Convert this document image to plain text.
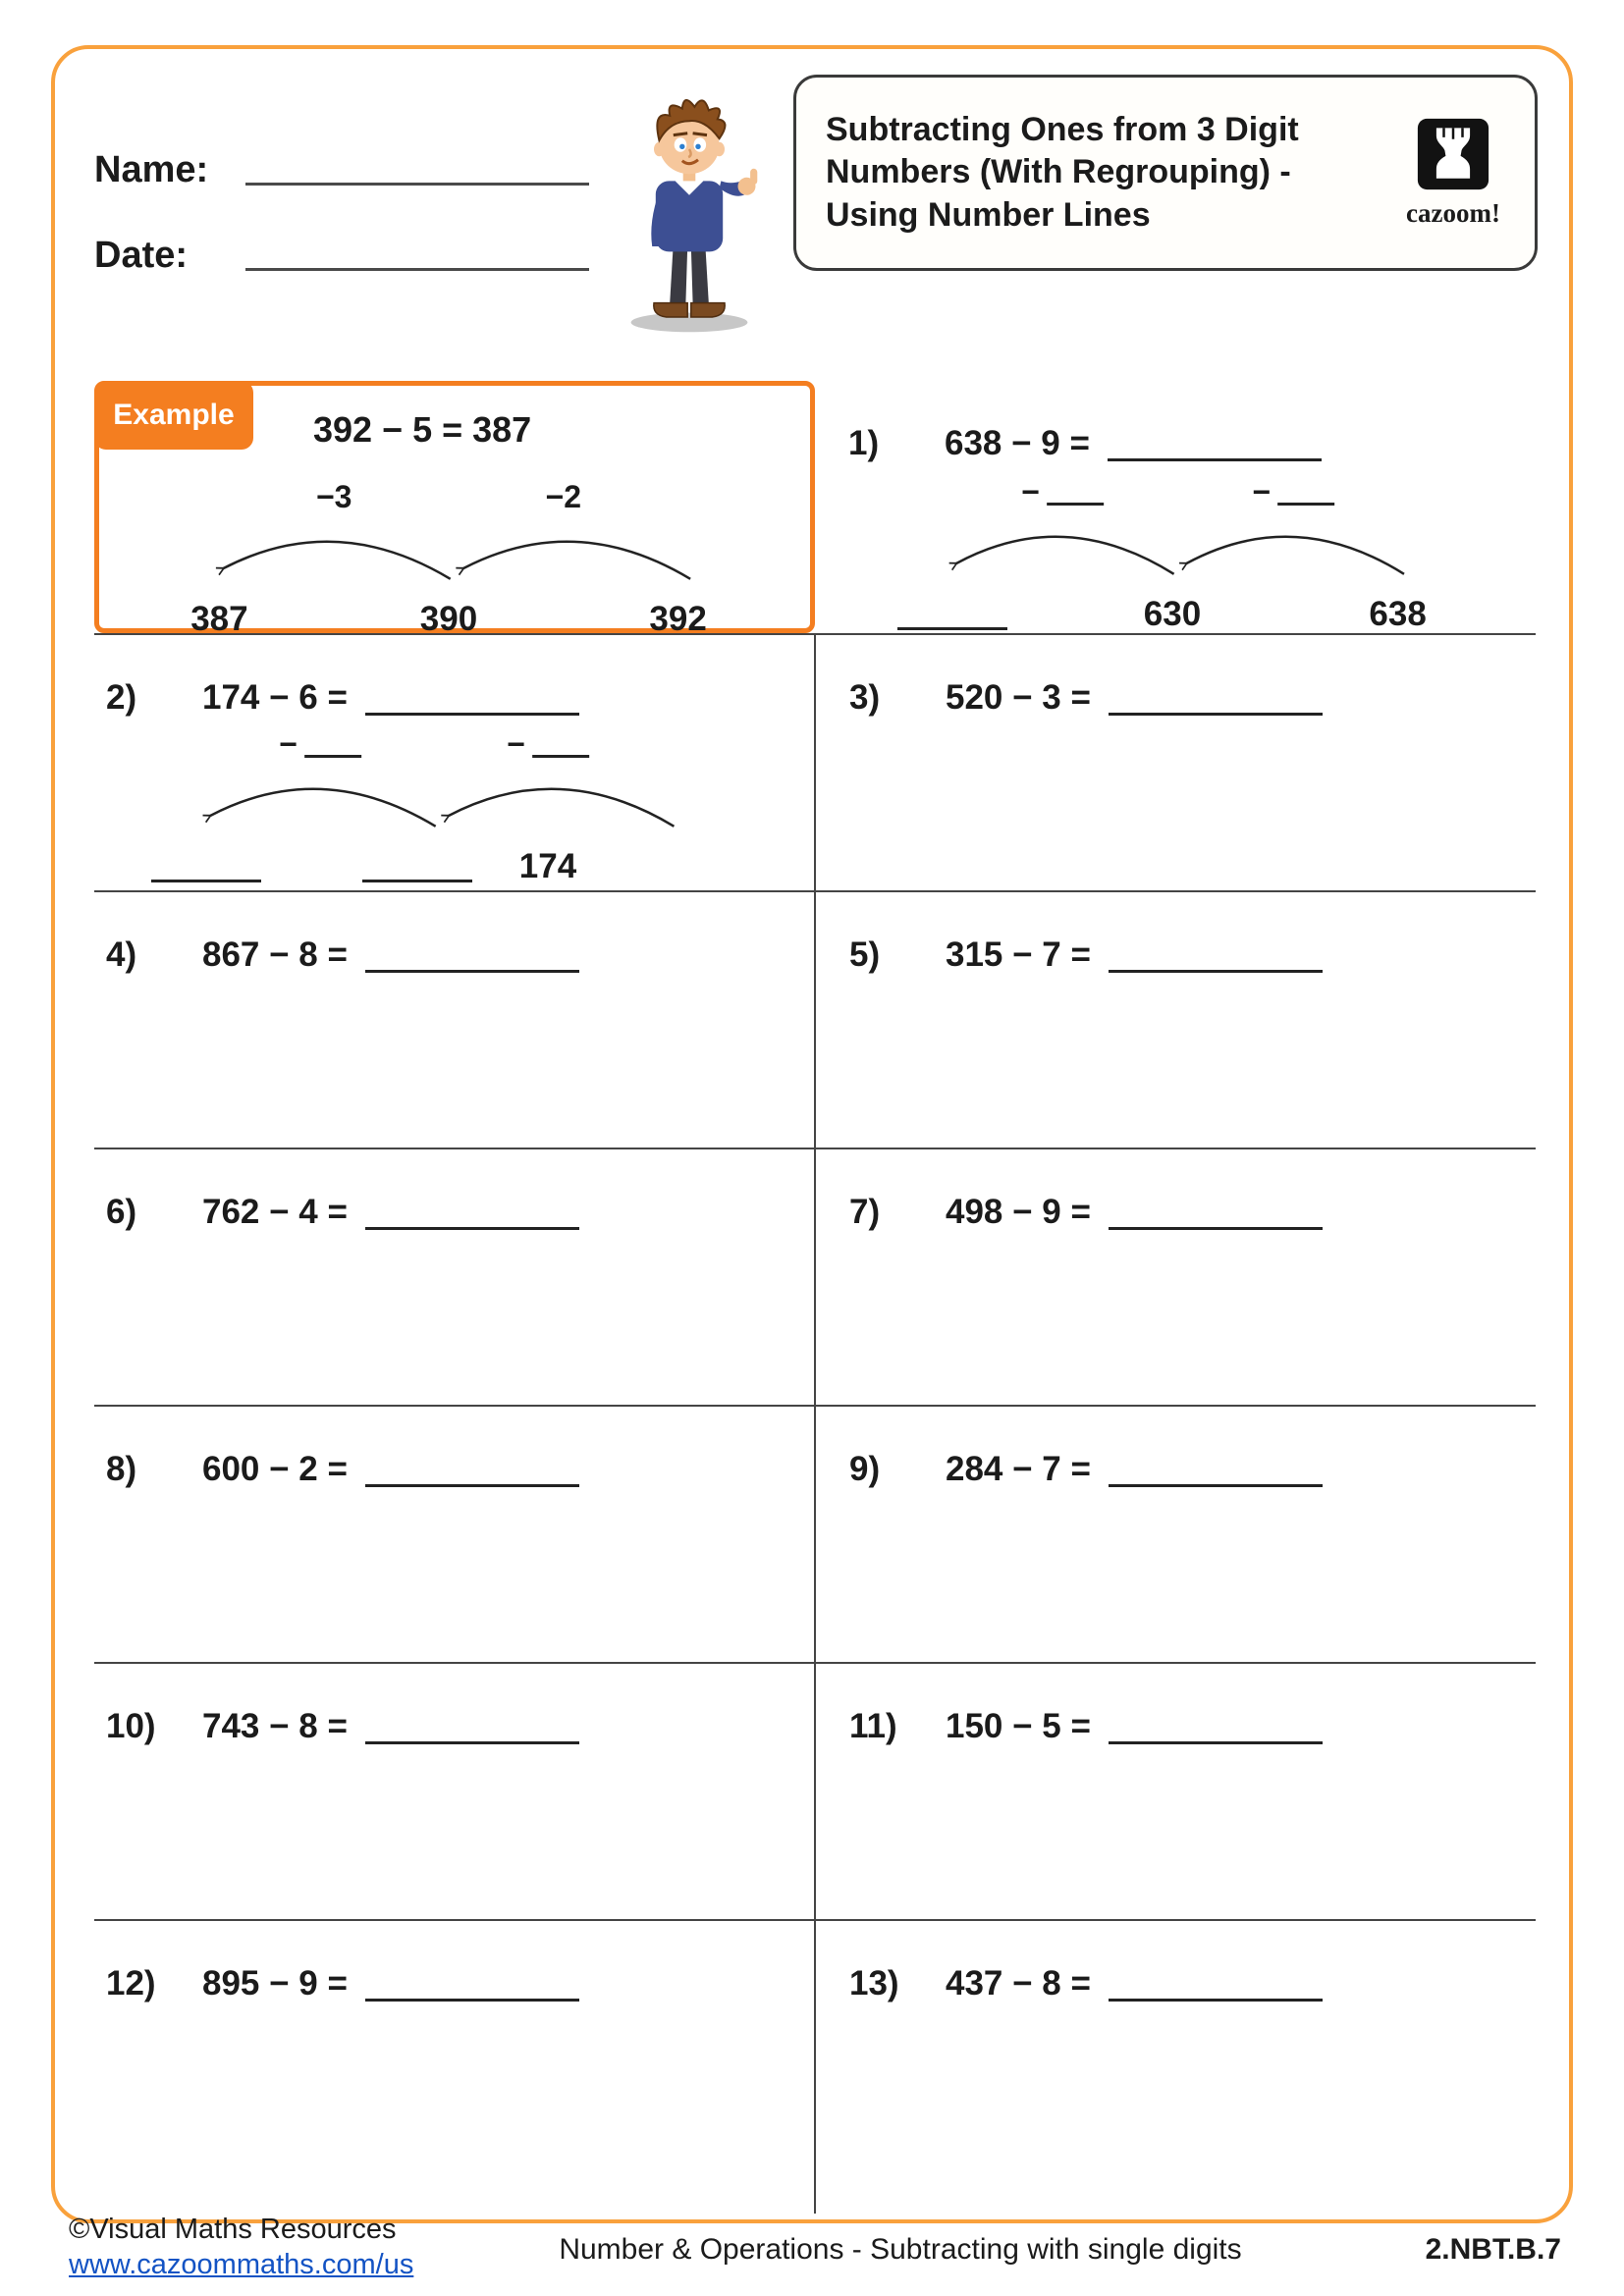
Name:
Date:
Subtracting Ones from 3 Digit
Numbers (With Regrouping) -
Using Number Lines	cazoom!
Example	392 − 5 = 387
−3	−2
387	390	392
1)	638 − 9 =
−	−
630	638
2)	174 − 6 =
−	−
174
3)	520 − 3 =
4)	867 − 8 =	5)	315 − 7 =
6)	762 − 4 =	7)	498 − 9 =
8)	600 − 2 =	9)	284 − 7 =
10)	743 − 8 =	11)	150 − 5 =
12)	895 − 9 =	13)	437 − 8 =
©Visual Maths Resources
www.cazoommaths.com/us	Number & Operations - Subtracting with single digits	2.NBT.B.7
